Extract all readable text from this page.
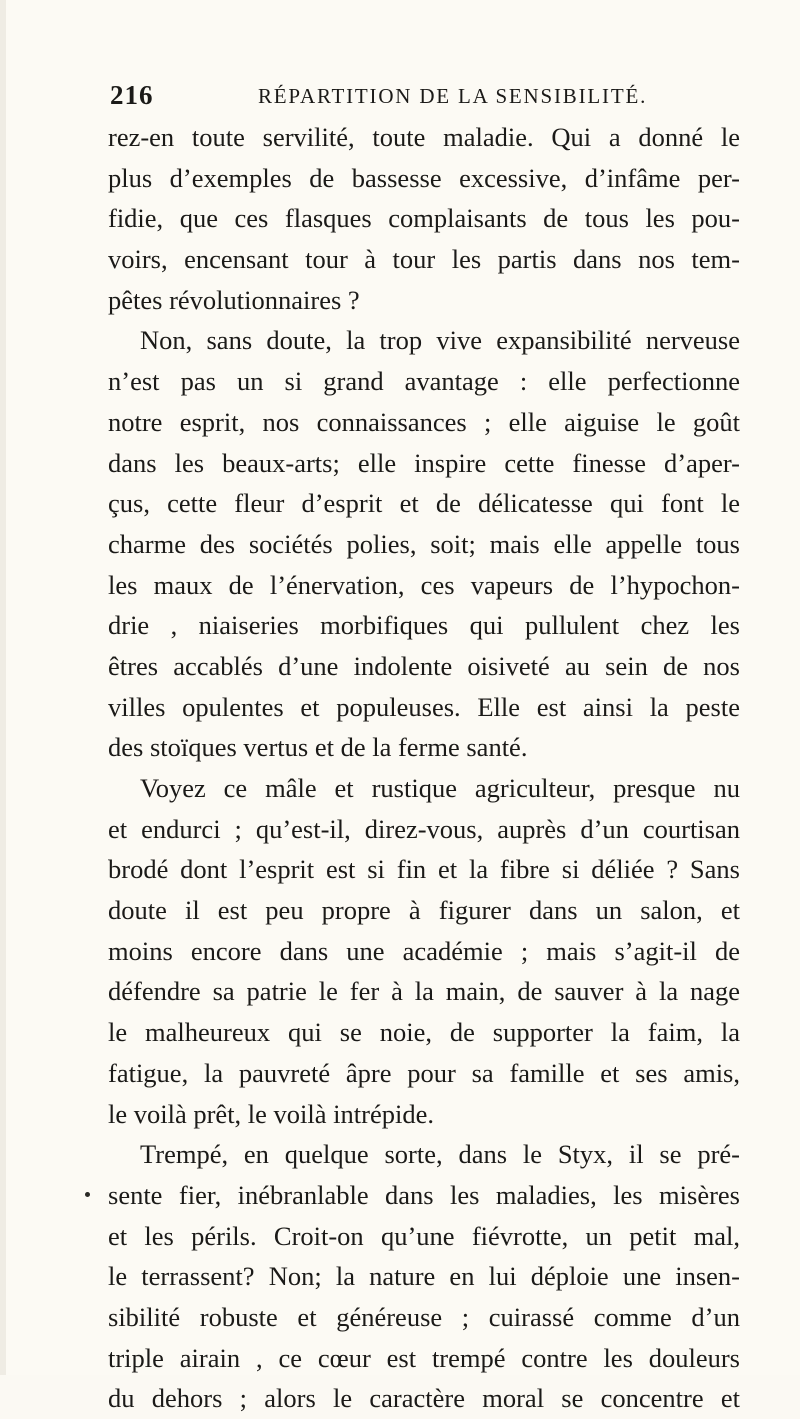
216	RÉPARTITION DE LA SENSIBILITÉ.
rez-en toute servilité, toute maladie. Qui a donné le
plus d’exemples de bassesse excessive, d’infâme per-
fidie, que ces flasques complaisants de tous les pou-
voirs, encensant tour à tour les partis dans nos tem-
pêtes révolutionnaires ?
Non, sans doute, la trop vive expansibilité nerveuse
n’est pas un si grand avantage : elle perfectionne
notre esprit, nos connaissances ; elle aiguise le goût
dans les beaux-arts; elle inspire cette finesse d’aper-
çus, cette fleur d’esprit et de délicatesse qui font le
charme des sociétés polies, soit; mais elle appelle tous
les maux de l’énervation, ces vapeurs de l’hypochon-
drie , niaiseries morbifiques qui pullulent chez les
êtres accablés d’une indolente oisiveté au sein de nos
villes opulentes et populeuses. Elle est ainsi la peste
des stoïques vertus et de la ferme santé.
Voyez ce mâle et rustique agriculteur, presque nu
et endurci ; qu’est-il, direz-vous, auprès d’un courtisan
brodé dont l’esprit est si fin et la fibre si déliée ? Sans
doute il est peu propre à figurer dans un salon, et
moins encore dans une académie ; mais s’agit-il de
défendre sa patrie le fer à la main, de sauver à la nage
le malheureux qui se noie, de supporter la faim, la
fatigue, la pauvreté âpre pour sa famille et ses amis,
le voilà prêt, le voilà intrépide.
Trempé, en quelque sorte, dans le Styx, il se pré-
sente fier, inébranlable dans les maladies, les misères
et les périls. Croit-on qu’une fiévrotte, un petit mal,
le terrassent? Non; la nature en lui déploie une insen-
sibilité robuste et généreuse ; cuirassé comme d’un
triple airain , ce cœur est trempé contre les douleurs
du dehors ; alors le caractère moral se concentre et
